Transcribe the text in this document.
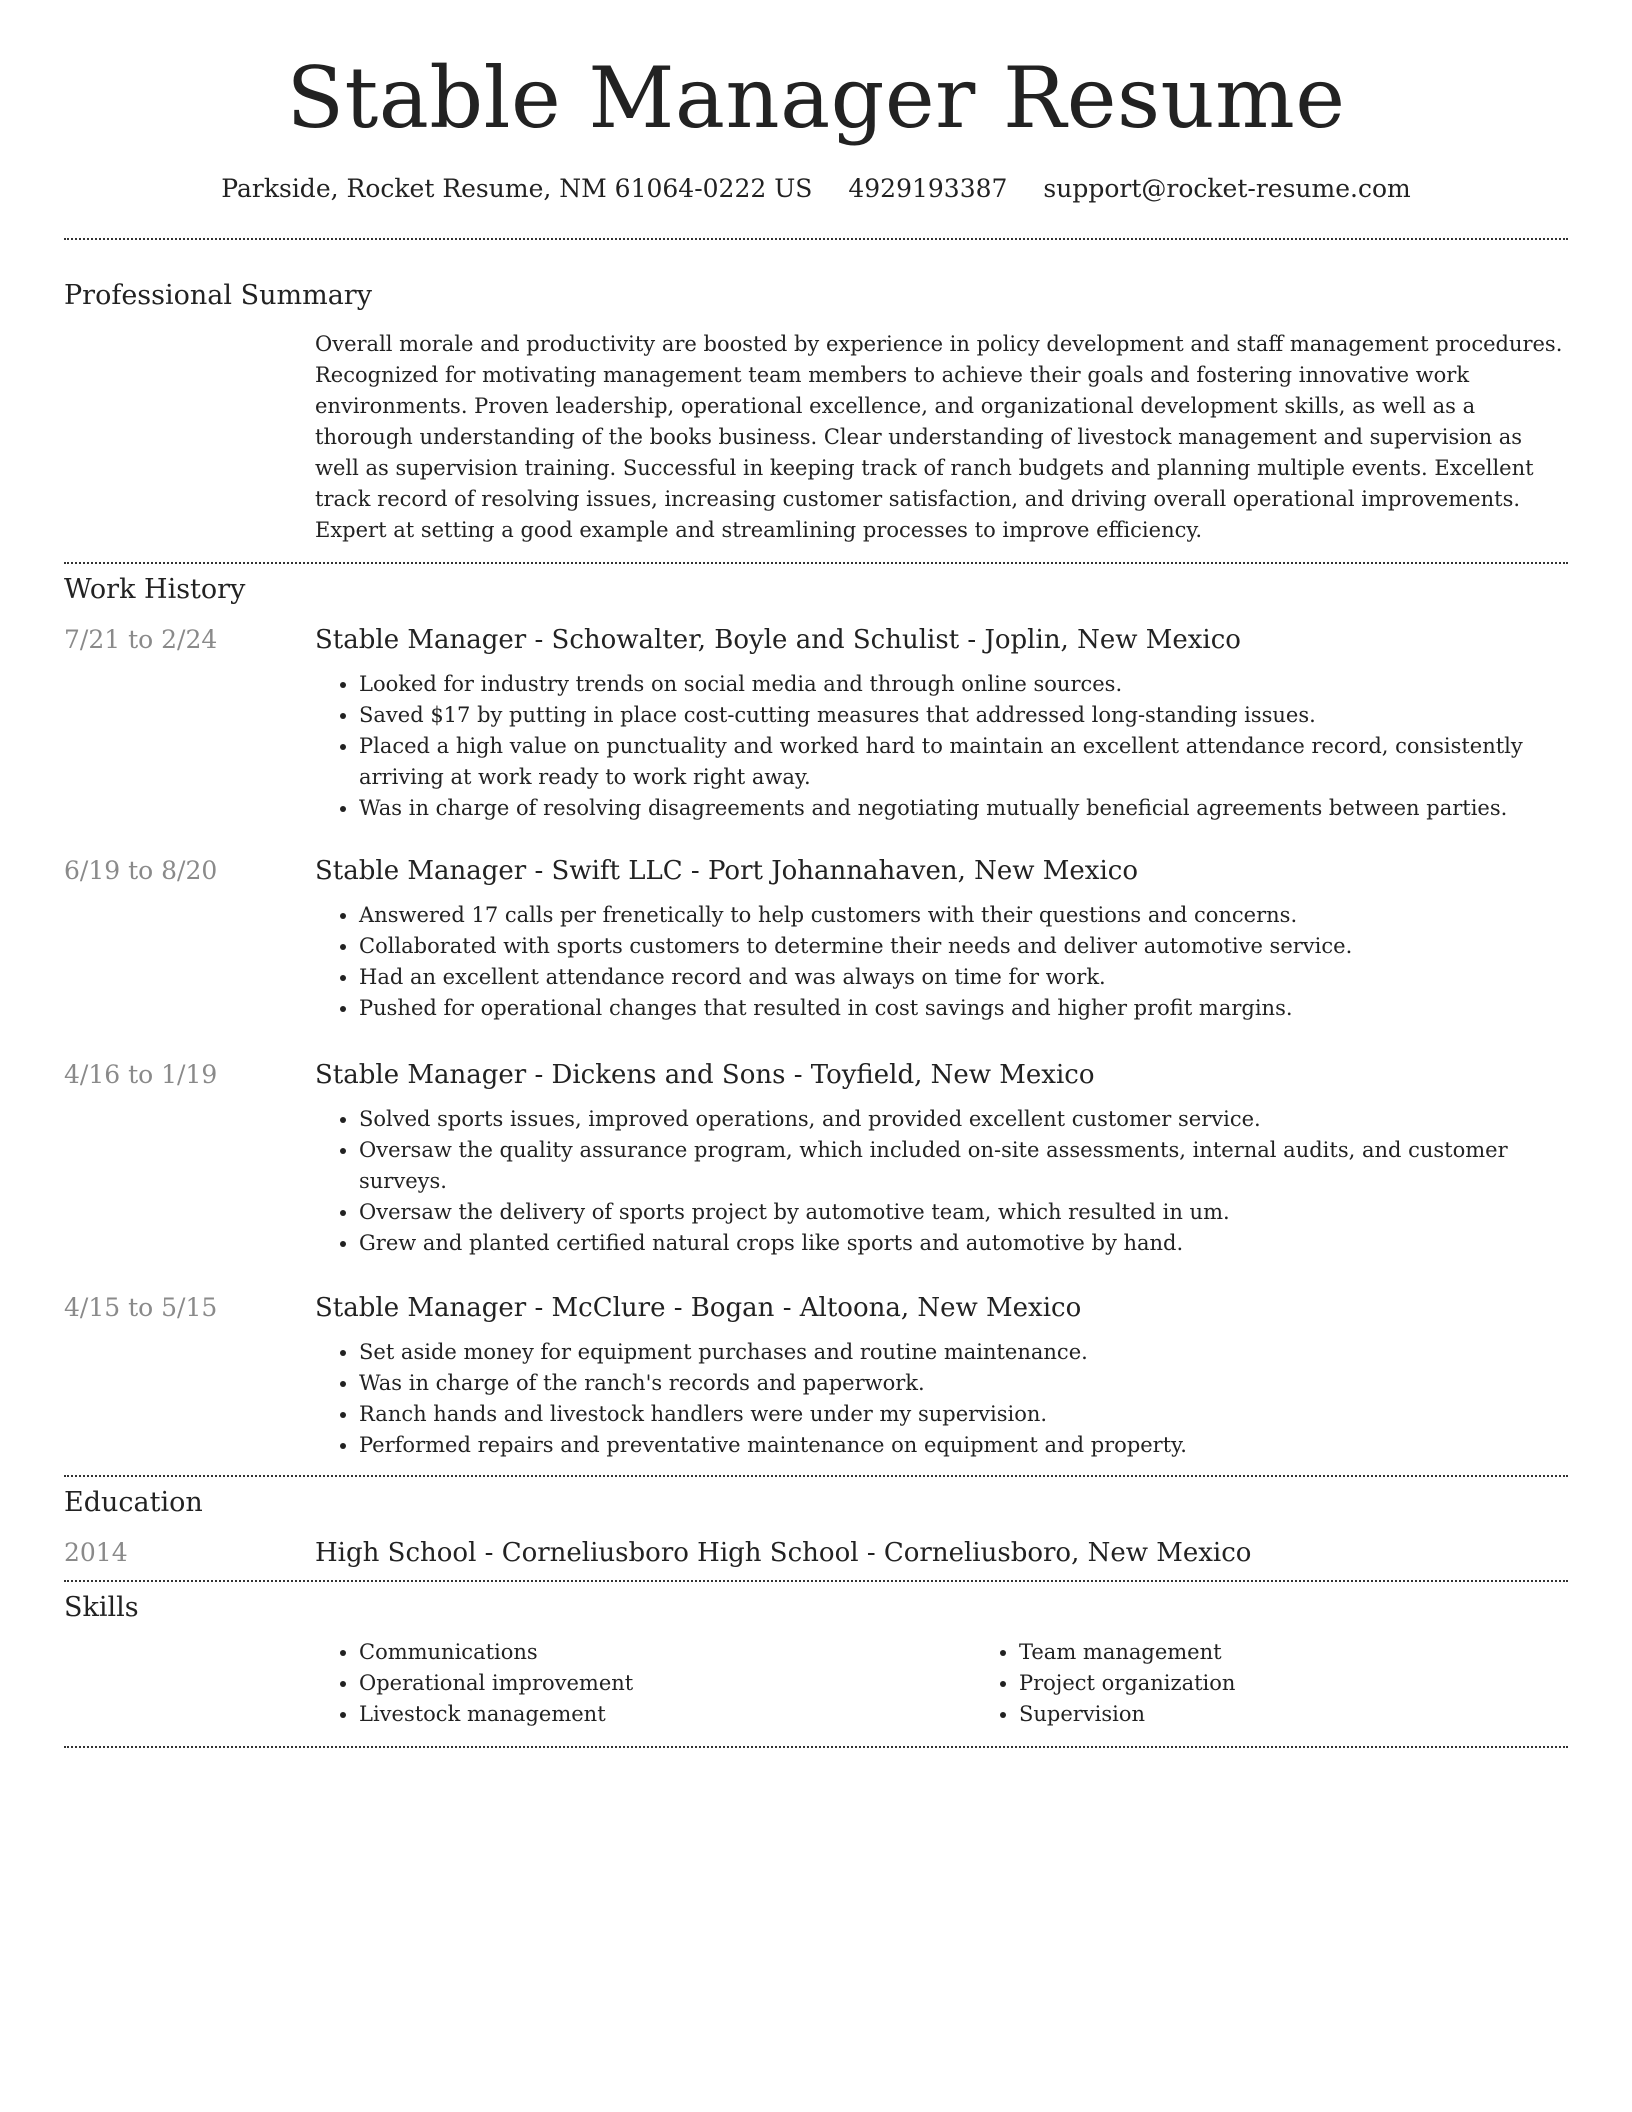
Stable Manager Resume
Parkside, Rocket Resume, NM 61064-0222 US 4929193387 support@rocket-resume.com
Professional Summary
Overall morale and productivity are boosted by experience in policy development and staff management procedures. Recognized for motivating management team members to achieve their goals and fostering innovative work environments. Proven leadership, operational excellence, and organizational development skills, as well as a thorough understanding of the books business. Clear understanding of livestock management and supervision as well as supervision training. Successful in keeping track of ranch budgets and planning multiple events. Excellent track record of resolving issues, increasing customer satisfaction, and driving overall operational improvements. Expert at setting a good example and streamlining processes to improve efficiency.
Work History
7/21 to 2/24	Stable Manager - Schowalter, Boyle and Schulist - Joplin, New Mexico
• Looked for industry trends on social media and through online sources.
• Saved $17 by putting in place cost-cutting measures that addressed long-standing issues.
• Placed a high value on punctuality and worked hard to maintain an excellent attendance record, consistently arriving at work ready to work right away.
• Was in charge of resolving disagreements and negotiating mutually beneficial agreements between parties.
6/19 to 8/20	Stable Manager - Swift LLC - Port Johannahaven, New Mexico
• Answered 17 calls per frenetically to help customers with their questions and concerns.
• Collaborated with sports customers to determine their needs and deliver automotive service.
• Had an excellent attendance record and was always on time for work.
• Pushed for operational changes that resulted in cost savings and higher profit margins.
4/16 to 1/19	Stable Manager - Dickens and Sons - Toyfield, New Mexico
• Solved sports issues, improved operations, and provided excellent customer service.
• Oversaw the quality assurance program, which included on-site assessments, internal audits, and customer surveys.
• Oversaw the delivery of sports project by automotive team, which resulted in um.
• Grew and planted certified natural crops like sports and automotive by hand.
4/15 to 5/15	Stable Manager - McClure - Bogan - Altoona, New Mexico
• Set aside money for equipment purchases and routine maintenance.
• Was in charge of the ranch's records and paperwork.
• Ranch hands and livestock handlers were under my supervision.
• Performed repairs and preventative maintenance on equipment and property.
Education
2014	High School - Corneliusboro High School - Corneliusboro, New Mexico
Skills
• Communications
• Operational improvement
• Livestock management
• Team management
• Project organization
• Supervision
